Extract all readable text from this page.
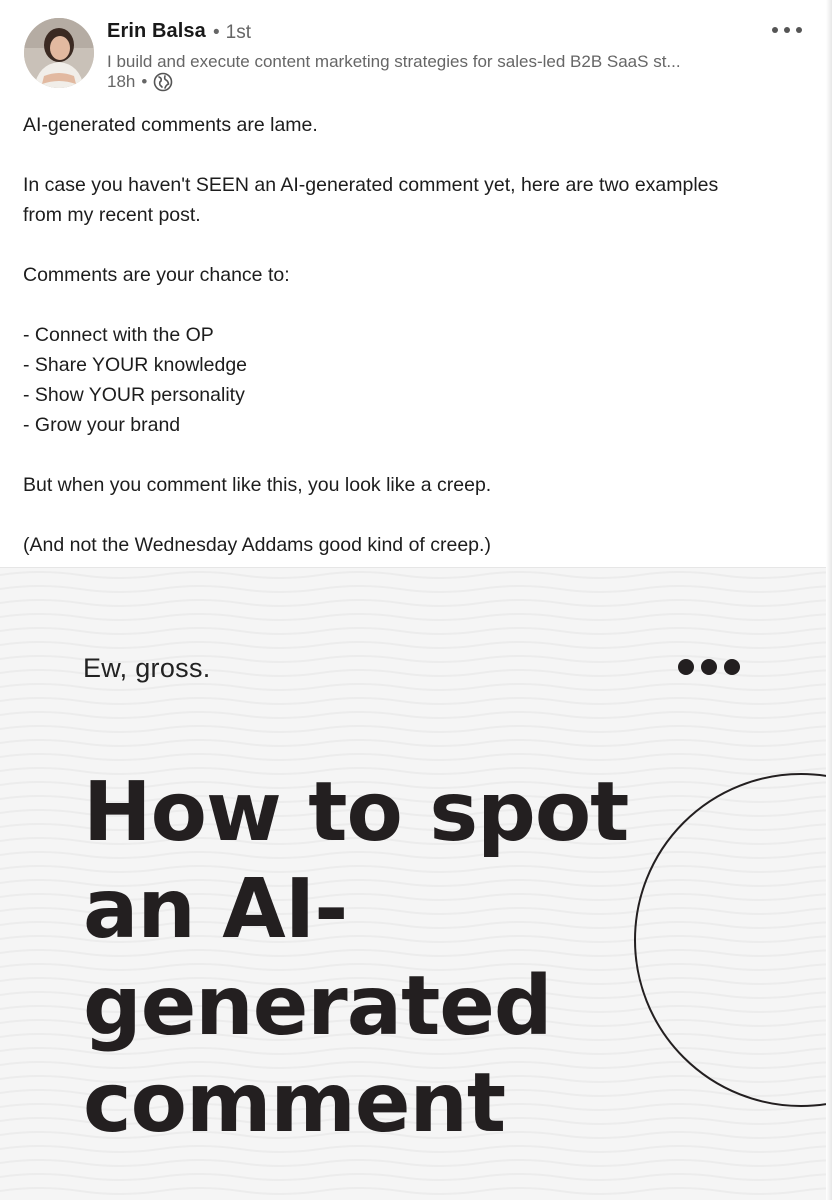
Erin Balsa • 1st
I build and execute content marketing strategies for sales-led B2B SaaS st...
18h •

AI-generated comments are lame.

In case you haven't SEEN an AI-generated comment yet, here are two examples

from my recent post.

Comments are your chance to:

- Connect with the OP

- Share YOUR knowledge

- Show YOUR personality

- Grow your brand

But when you comment like this, you look like a creep.

(And not the Wednesday Addams good kind of creep.)

Ew, gross.
How to spot
an AI-
generated
comment
